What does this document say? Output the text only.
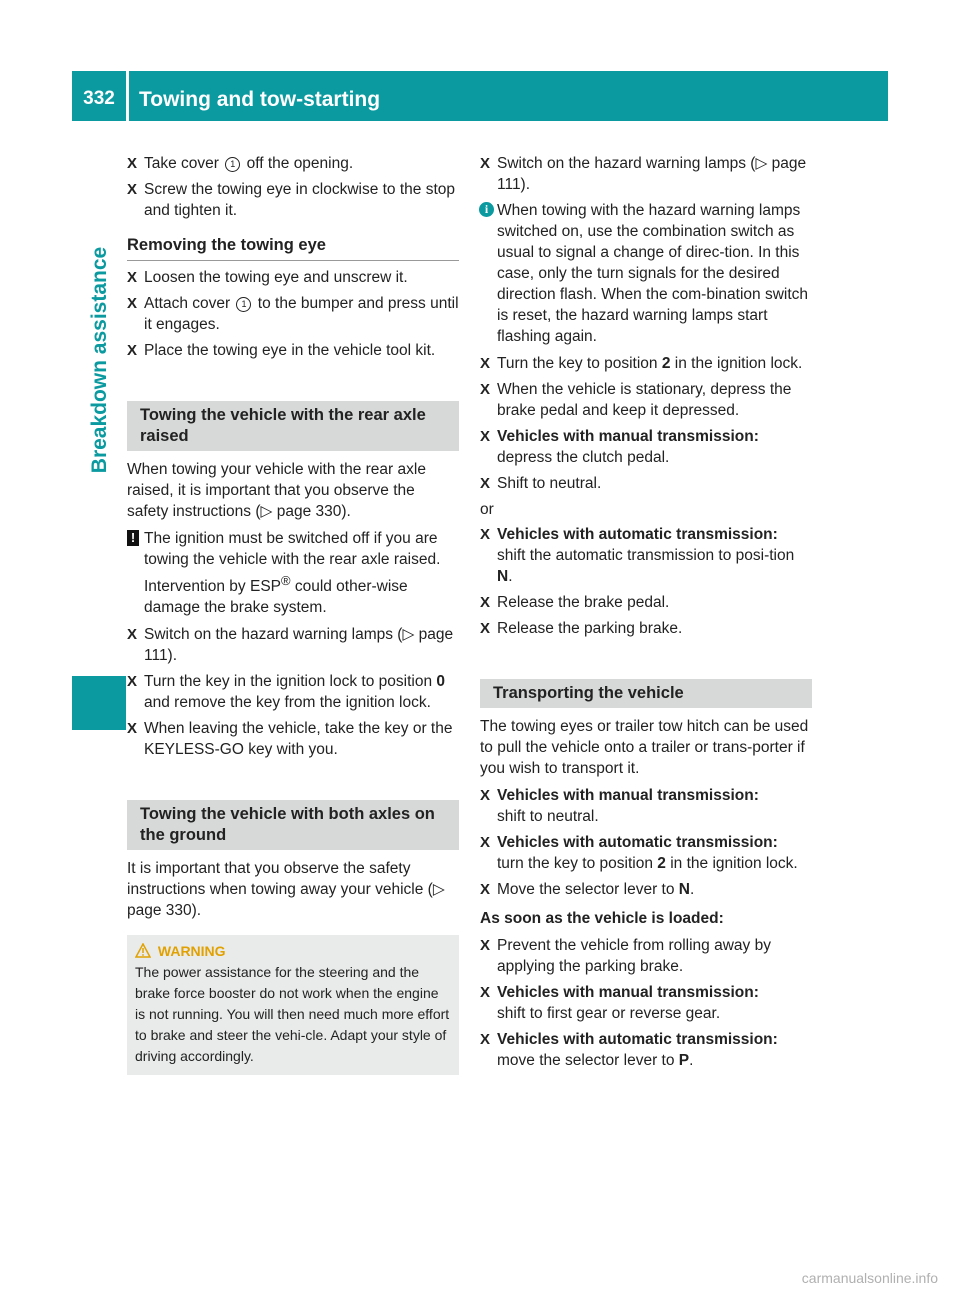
332	Towing and tow-starting
Breakdown assistance
X Take cover 1 off the opening.
X Screw the towing eye in clockwise to the stop and tighten it.
Removing the towing eye
X Loosen the towing eye and unscrew it.
X Attach cover 1 to the bumper and press until it engages.
X Place the towing eye in the vehicle tool kit.
Towing the vehicle with the rear axle raised
When towing your vehicle with the rear axle raised, it is important that you observe the safety instructions (▷ page 330).
! The ignition must be switched off if you are towing the vehicle with the rear axle raised. Intervention by ESP® could other-wise damage the brake system.
X Switch on the hazard warning lamps (▷ page 111).
X Turn the key in the ignition lock to position 0 and remove the key from the ignition lock.
X When leaving the vehicle, take the key or the KEYLESS-GO key with you.
Towing the vehicle with both axles on the ground
It is important that you observe the safety instructions when towing away your vehicle (▷ page 330).
WARNING
The power assistance for the steering and the brake force booster do not work when the engine is not running. You will then need much more effort to brake and steer the vehi-cle. Adapt your style of driving accordingly.
X Switch on the hazard warning lamps (▷ page 111).
i When towing with the hazard warning lamps switched on, use the combination switch as usual to signal a change of direc-tion. In this case, only the turn signals for the desired direction flash. When the com-bination switch is reset, the hazard warning lamps start flashing again.
X Turn the key to position 2 in the ignition lock.
X When the vehicle is stationary, depress the brake pedal and keep it depressed.
X Vehicles with manual transmission:
depress the clutch pedal.
X Shift to neutral.
or
X Vehicles with automatic transmission:
shift the automatic transmission to posi-tion N.
X Release the brake pedal.
X Release the parking brake.
Transporting the vehicle
The towing eyes or trailer tow hitch can be used to pull the vehicle onto a trailer or trans-porter if you wish to transport it.
X Vehicles with manual transmission:
shift to neutral.
X Vehicles with automatic transmission:
turn the key to position 2 in the ignition lock.
X Move the selector lever to N.
As soon as the vehicle is loaded:
X Prevent the vehicle from rolling away by applying the parking brake.
X Vehicles with manual transmission:
shift to first gear or reverse gear.
X Vehicles with automatic transmission:
move the selector lever to P.
carmanualsonline.info
